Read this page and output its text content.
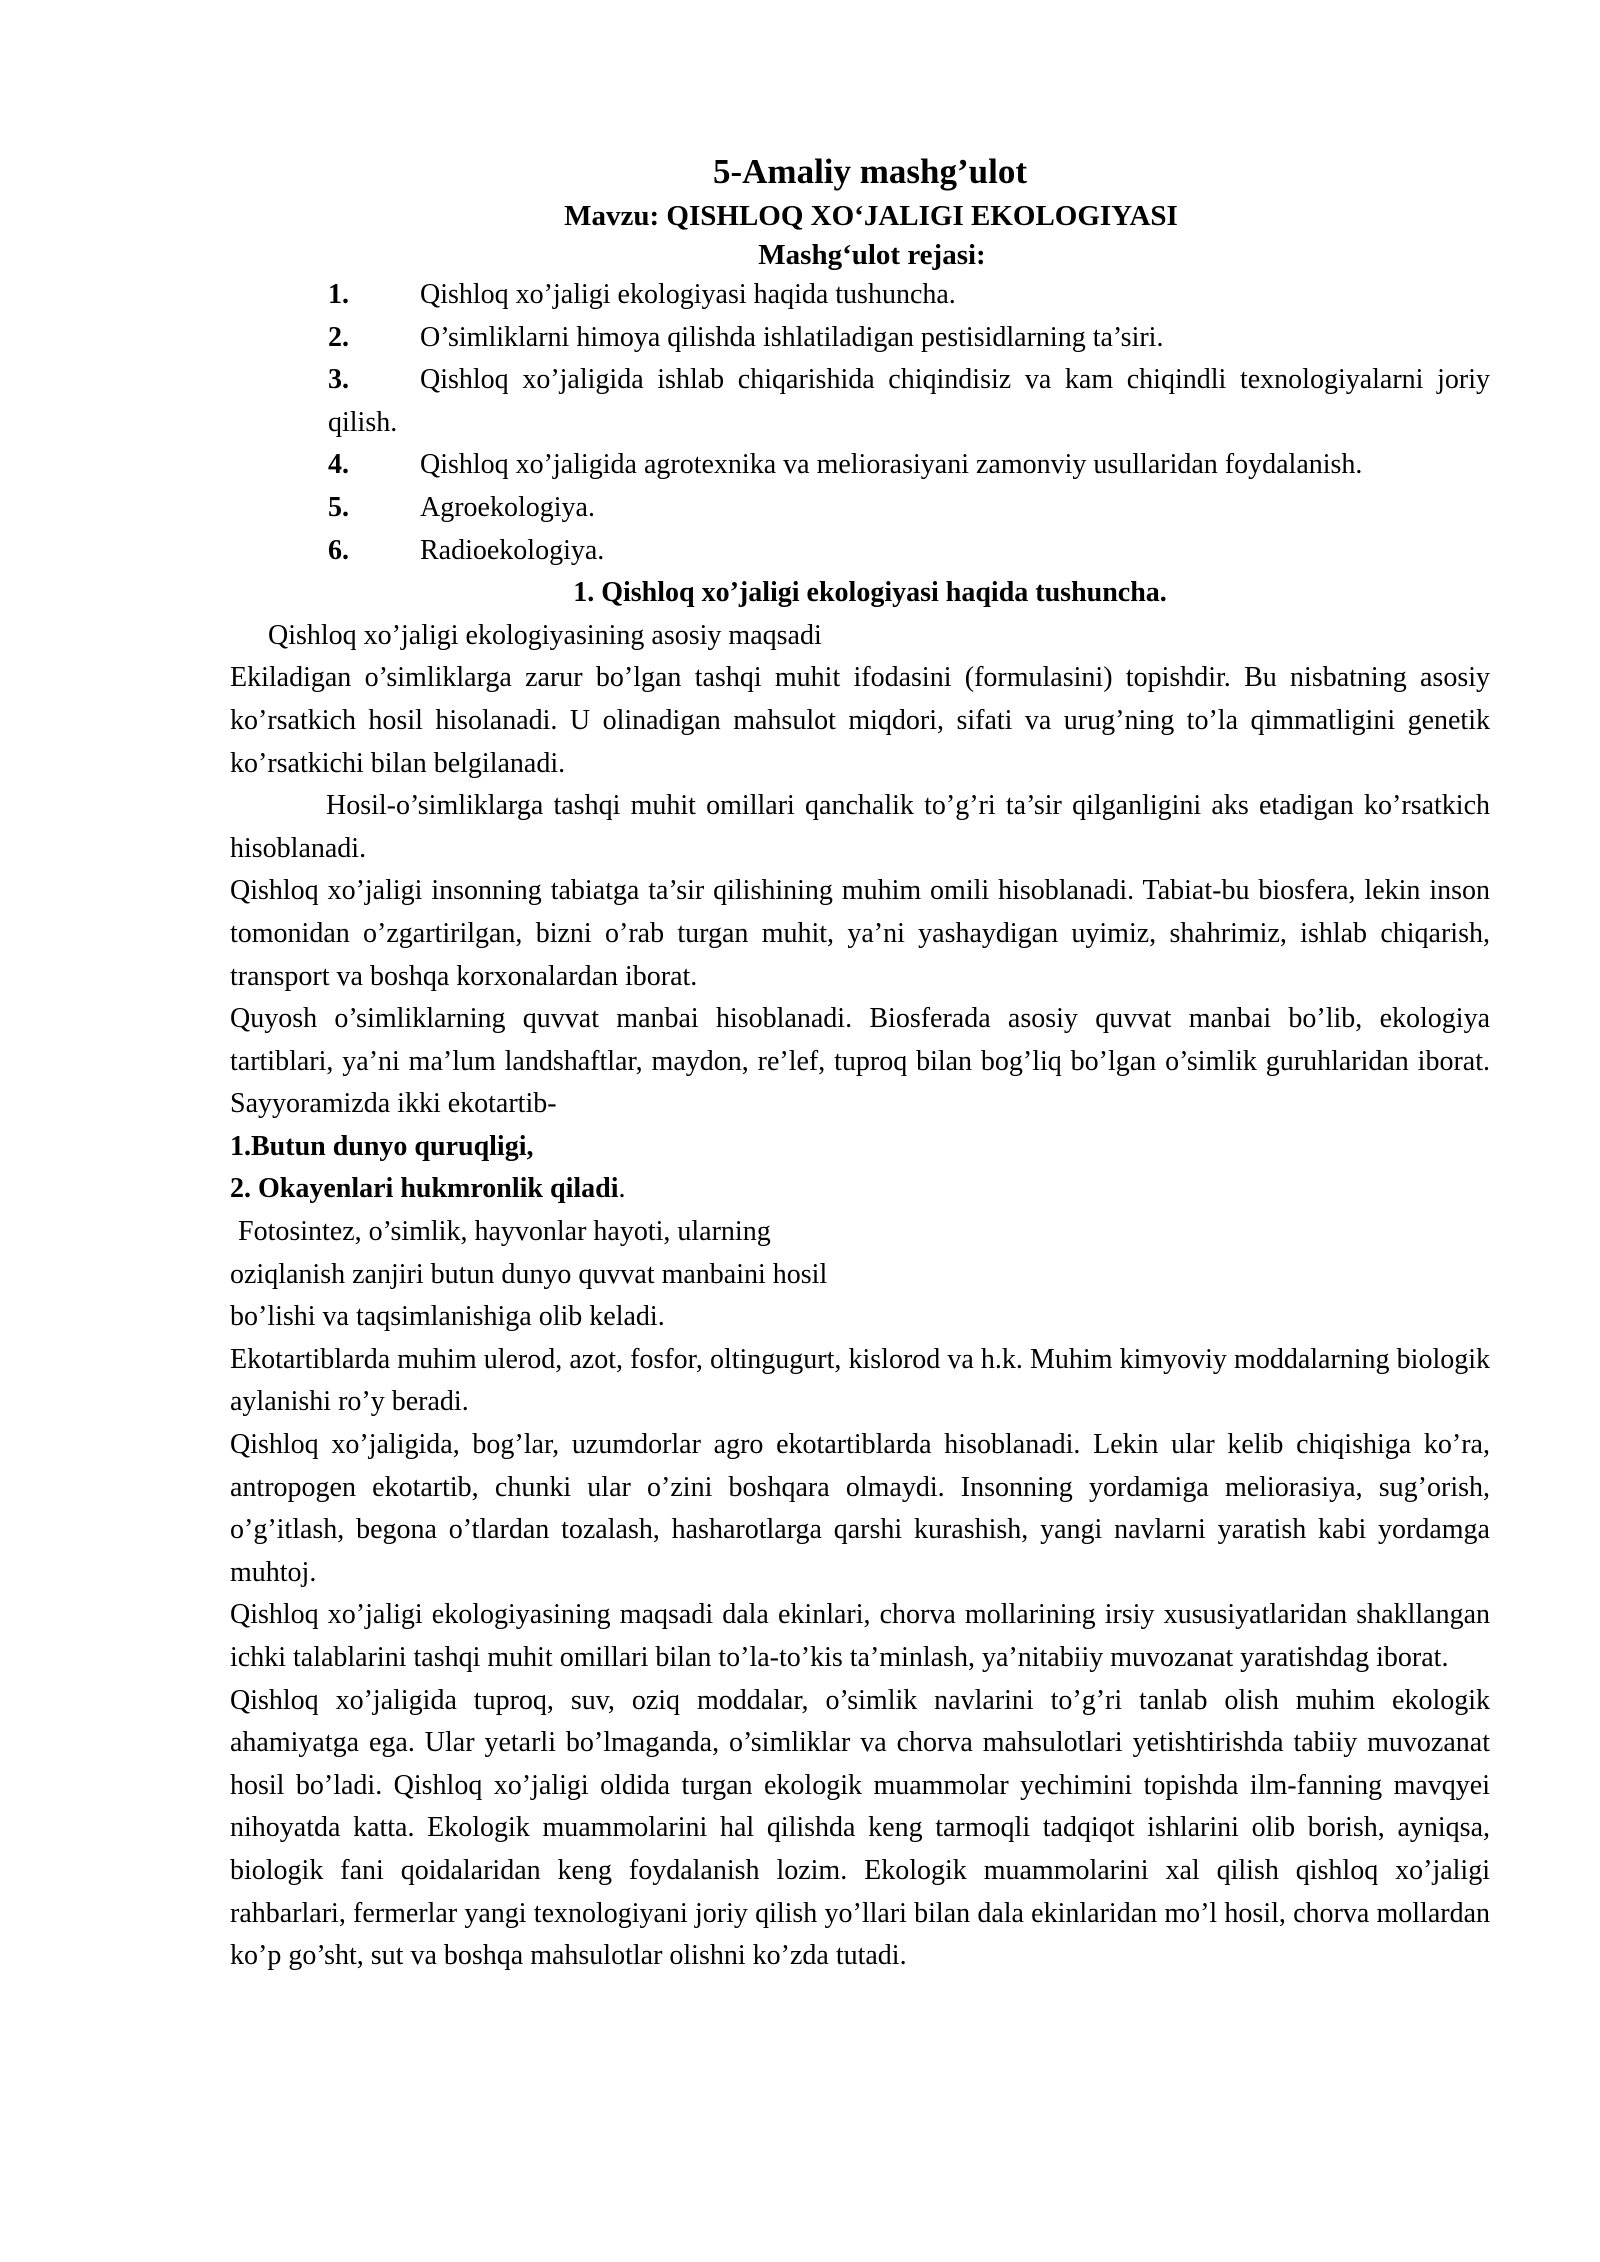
5-Amaliy mashg’ulot
Mavzu: QISHLOQ XO‘JALIGI EKOLOGIYASI
Mashg‘ulot rejasi:
1.	Qishloq xo’jaligi ekologiyasi haqida tushuncha.
2.	O’simliklarni himoya qilishda ishlatiladigan pestisidlarning ta’siri.
3.	Qishloq xo’jaligida ishlab chiqarishida chiqindisiz va kam chiqindli texnologiyalarni joriy qilish.
4.	Qishloq xo’jaligida agrotexnika va meliorasiyani zamonviy usullaridan foydalanish.
5.	Agroekologiya.
6.	Radioekologiya.
1. Qishloq xo’jaligi ekologiyasi haqida tushuncha.
Qishloq xo’jaligi ekologiyasining asosiy maqsadi
Ekiladigan o’simliklarga zarur bo’lgan tashqi muhit ifodasini (formulasini) topishdir. Bu nisbatning asosiy ko’rsatkich hosil hisolanadi. U olinadigan mahsulot miqdori, sifati va urug’ning to’la qimmatligini genetik ko’rsatkichi bilan belgilanadi.
Hosil-o’simliklarga tashqi muhit omillari qanchalik to’g’ri ta’sir qilganligini aks etadigan ko’rsatkich hisoblanadi.
Qishloq xo’jaligi insonning tabiatga ta’sir qilishining muhim omili hisoblanadi. Tabiat-bu biosfera, lekin inson tomonidan o’zgartirilgan, bizni o’rab turgan muhit, ya’ni yashaydigan uyimiz, shahrimiz, ishlab chiqarish, transport va boshqa korxonalardan iborat.
Quyosh o’simliklarning quvvat manbai hisoblanadi. Biosferada asosiy quvvat manbai bo’lib, ekologiya tartiblari, ya’ni ma’lum landshaftlar, maydon, re’lef, tuproq bilan bog’liq bo’lgan o’simlik guruhlaridan iborat. Sayyoramizda ikki ekotartib-
1.Butun dunyo quruqligi,
2. Okayenlari hukmronlik qiladi.
Fotosintez, o’simlik, hayvonlar hayoti, ularning
oziqlanish zanjiri butun dunyo quvvat manbaini hosil
bo’lishi va taqsimlanishiga olib keladi.
Ekotartiblarda muhim ulerod, azot, fosfor, oltingugurt, kislorod va h.k. Muhim kimyoviy moddalarning biologik aylanishi ro’y beradi.
Qishloq xo’jaligida, bog’lar, uzumdorlar agro ekotartiblarda hisoblanadi. Lekin ular kelib chiqishiga ko’ra, antropogen ekotartib, chunki ular o’zini boshqara olmaydi. Insonning yordamiga meliorasiya, sug’orish, o’g’itlash, begona o’tlardan tozalash, hasharotlarga qarshi kurashish, yangi navlarni yaratish kabi yordamga muhtoj.
Qishloq xo’jaligi ekologiyasining maqsadi dala ekinlari, chorva mollarining irsiy xususiyatlaridan shakllangan ichki talablarini tashqi muhit omillari bilan to’la-to’kis ta’minlash, ya’nitabiiy muvozanat yaratishdag iborat.
Qishloq xo’jaligida tuproq, suv, oziq moddalar, o’simlik navlarini to’g’ri tanlab olish muhim ekologik ahamiyatga ega. Ular yetarli bo’lmaganda, o’simliklar va chorva mahsulotlari yetishtirishda tabiiy muvozanat hosil bo’ladi. Qishloq xo’jaligi oldida turgan ekologik muammolar yechimini topishda ilm-fanning mavqyei nihoyatda katta. Ekologik muammolarini hal qilishda keng tarmoqli tadqiqot ishlarini olib borish, ayniqsa, biologik fani qoidalaridan keng foydalanish lozim. Ekologik muammolarini xal qilish qishloq xo’jaligi rahbarlari, fermerlar yangi texnologiyani joriy qilish yo’llari bilan dala ekinlaridan mo’l hosil, chorva mollardan ko’p go’sht, sut va boshqa mahsulotlar olishni ko’zda tutadi.
